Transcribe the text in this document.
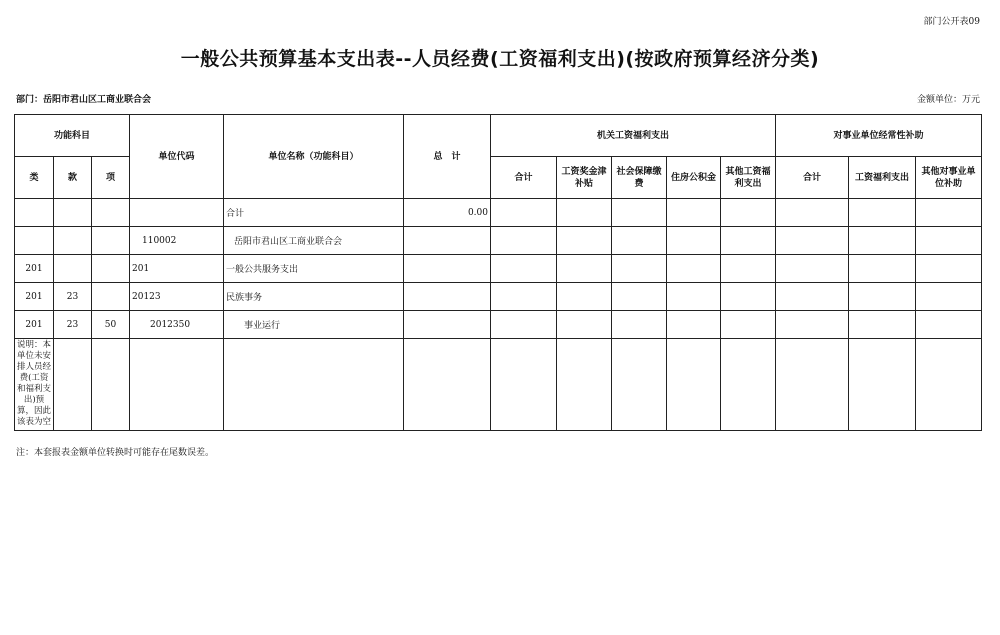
部门公开表09
一般公共预算基本支出表--人员经费(工资福利支出)(按政府预算经济分类)
部门：岳阳市君山区工商业联合会	金额单位：万元
功能科目			单位代码	单位名称（功能科目）	总　计	机关工资福利支出					对事业单位经常性补助		
类	款	项				合计	工资奖金津补贴	社会保障缴费	住房公积金	其他工资福利支出	合计	工资福利支出	其他对事业单位补助
				合计	0.00								
			110002	岳阳市君山区工商业联合会									
201			201	一般公共服务支出									
201	23		20123	民族事务									
201	23	50	2012350	事业运行									
说明：本单位未安排人员经费(工资和福利支出)预算，因此该表为空													
注：本套报表金额单位转换时可能存在尾数误差。
